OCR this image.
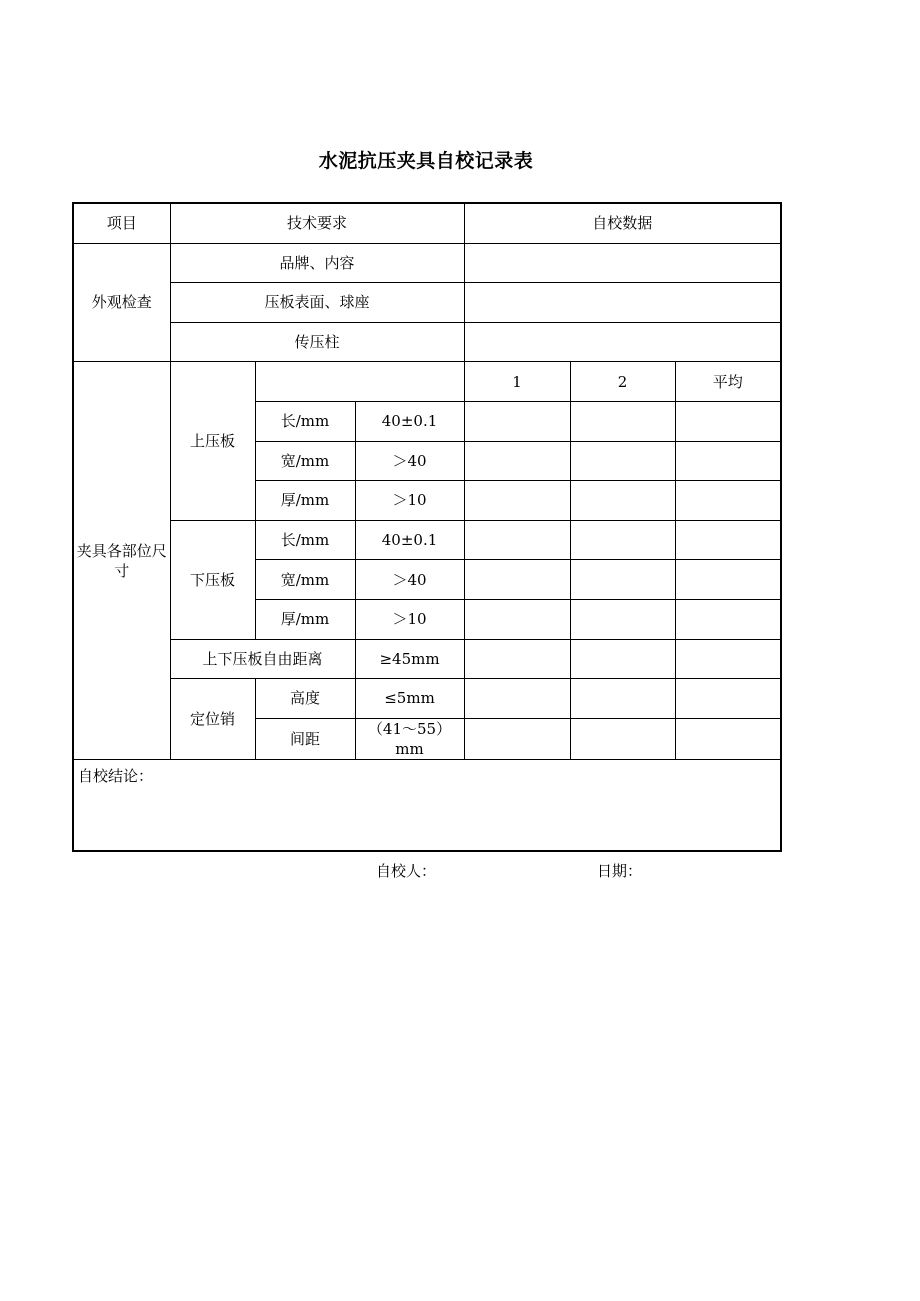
水泥抗压夹具自校记录表
项目	技术要求			自校数据		
外观检查	品牌、内容					
	压板表面、球座					
	传压柱					
夹具各部位尺寸	上压板			1	2	平均
		长/mm	40±0.1			
		宽/mm	＞40			
		厚/mm	＞10			
	下压板	长/mm	40±0.1			
		宽/mm	＞40			
		厚/mm	＞10			
	上下压板自由距离		≥45mm			
	定位销	高度	≤5mm			
		间距	（41～55）mm			
自校结论：						
自校人：	日期：
